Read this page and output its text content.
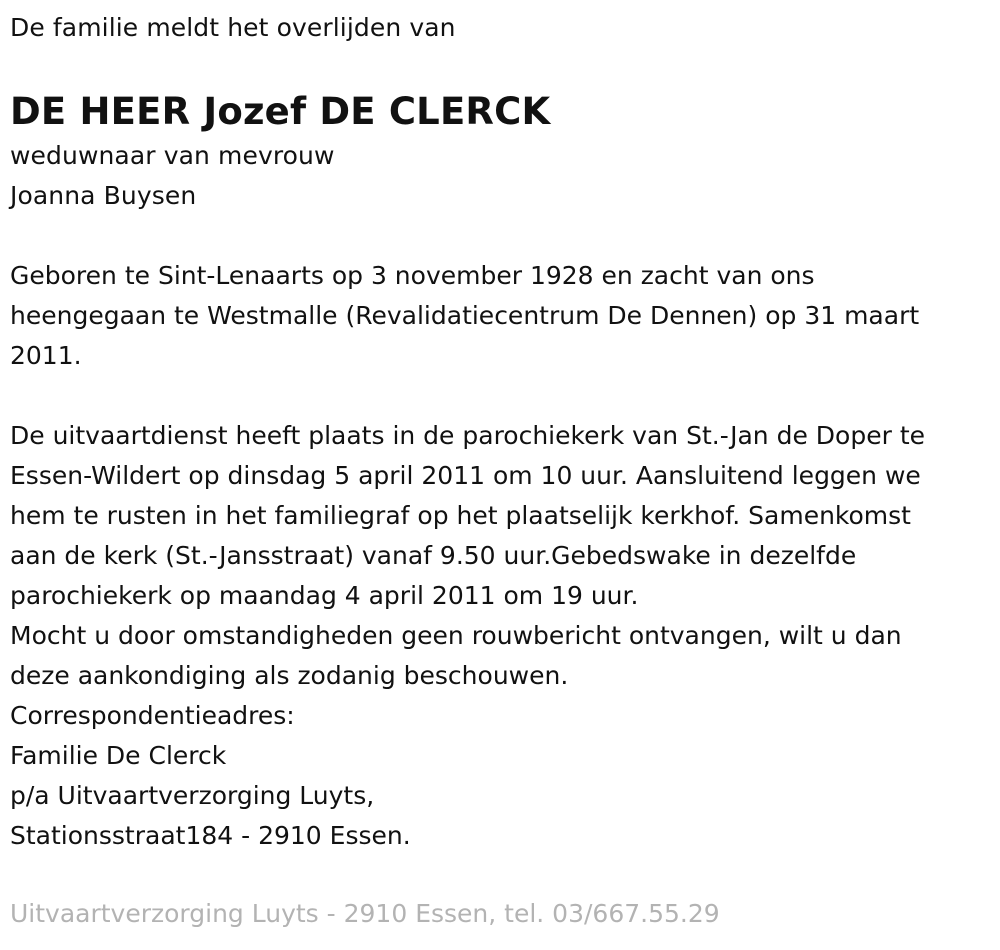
De familie meldt het overlijden van

DE HEER Jozef DE CLERCK

weduwnaar van mevrouw

Joanna Buysen

Geboren te Sint-Lenaarts op 3 november 1928 en zacht van ons

heengegaan te Westmalle (Revalidatiecentrum De Dennen) op 31 maart

2011.

De uitvaartdienst heeft plaats in de parochiekerk van St.-Jan de Doper te

Essen-Wildert op dinsdag 5 april 2011 om 10 uur. Aansluitend leggen we

hem te rusten in het familiegraf op het plaatselijk kerkhof. Samenkomst

aan de kerk (St.-Jansstraat) vanaf 9.50 uur.Gebedswake in dezelfde

parochiekerk op maandag 4 april 2011 om 19 uur.

Mocht u door omstandigheden geen rouwbericht ontvangen, wilt u dan

deze aankondiging als zodanig beschouwen.

Correspondentieadres:

Familie De Clerck

p/a Uitvaartverzorging Luyts,

Stationsstraat184 - 2910 Essen.

Uitvaartverzorging Luyts - 2910 Essen, tel. 03/667.55.29
